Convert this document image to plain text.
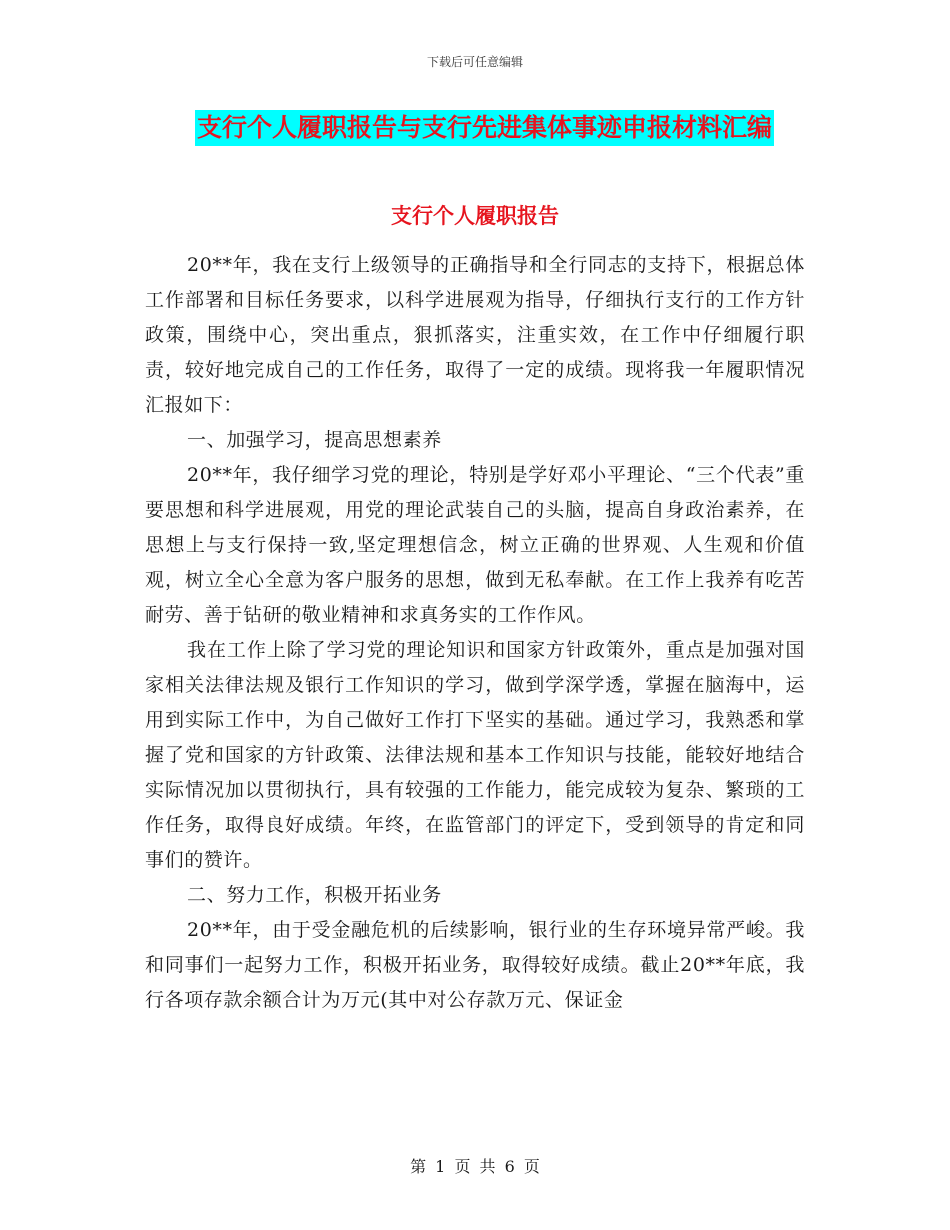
下载后可任意编辑
支行个人履职报告与支行先进集体事迹申报材料汇编
支行个人履职报告

20**年，我在支行上级领导的正确指导和全行同志的支持下，根据总体工作部署和目标任务要求，以科学进展观为指导，仔细执行支行的工作方针政策，围绕中心，突出重点，狠抓落实，注重实效，在工作中仔细履行职责，较好地完成自己的工作任务，取得了一定的成绩。现将我一年履职情况汇报如下：

一、加强学习，提高思想素养

20**年，我仔细学习党的理论，特别是学好邓小平理论、“三个代表”重要思想和科学进展观，用党的理论武装自己的头脑，提高自身政治素养，在思想上与支行保持一致,坚定理想信念，树立正确的世界观、人生观和价值观，树立全心全意为客户服务的思想，做到无私奉献。在工作上我养有吃苦耐劳、善于钻研的敬业精神和求真务实的工作作风。

我在工作上除了学习党的理论知识和国家方针政策外，重点是加强对国家相关法律法规及银行工作知识的学习，做到学深学透，掌握在脑海中，运用到实际工作中，为自己做好工作打下坚实的基础。通过学习，我熟悉和掌握了党和国家的方针政策、法律法规和基本工作知识与技能，能较好地结合实际情况加以贯彻执行，具有较强的工作能力，能完成较为复杂、繁琐的工作任务，取得良好成绩。年终，在监管部门的评定下，受到领导的肯定和同事们的赞许。

二、努力工作，积极开拓业务

20**年，由于受金融危机的后续影响，银行业的生存环境异常严峻。我和同事们一起努力工作，积极开拓业务，取得较好成绩。截止20**年底，我行各项存款余额合计为万元(其中对公存款万元、保证金

第 1 页 共 6 页
